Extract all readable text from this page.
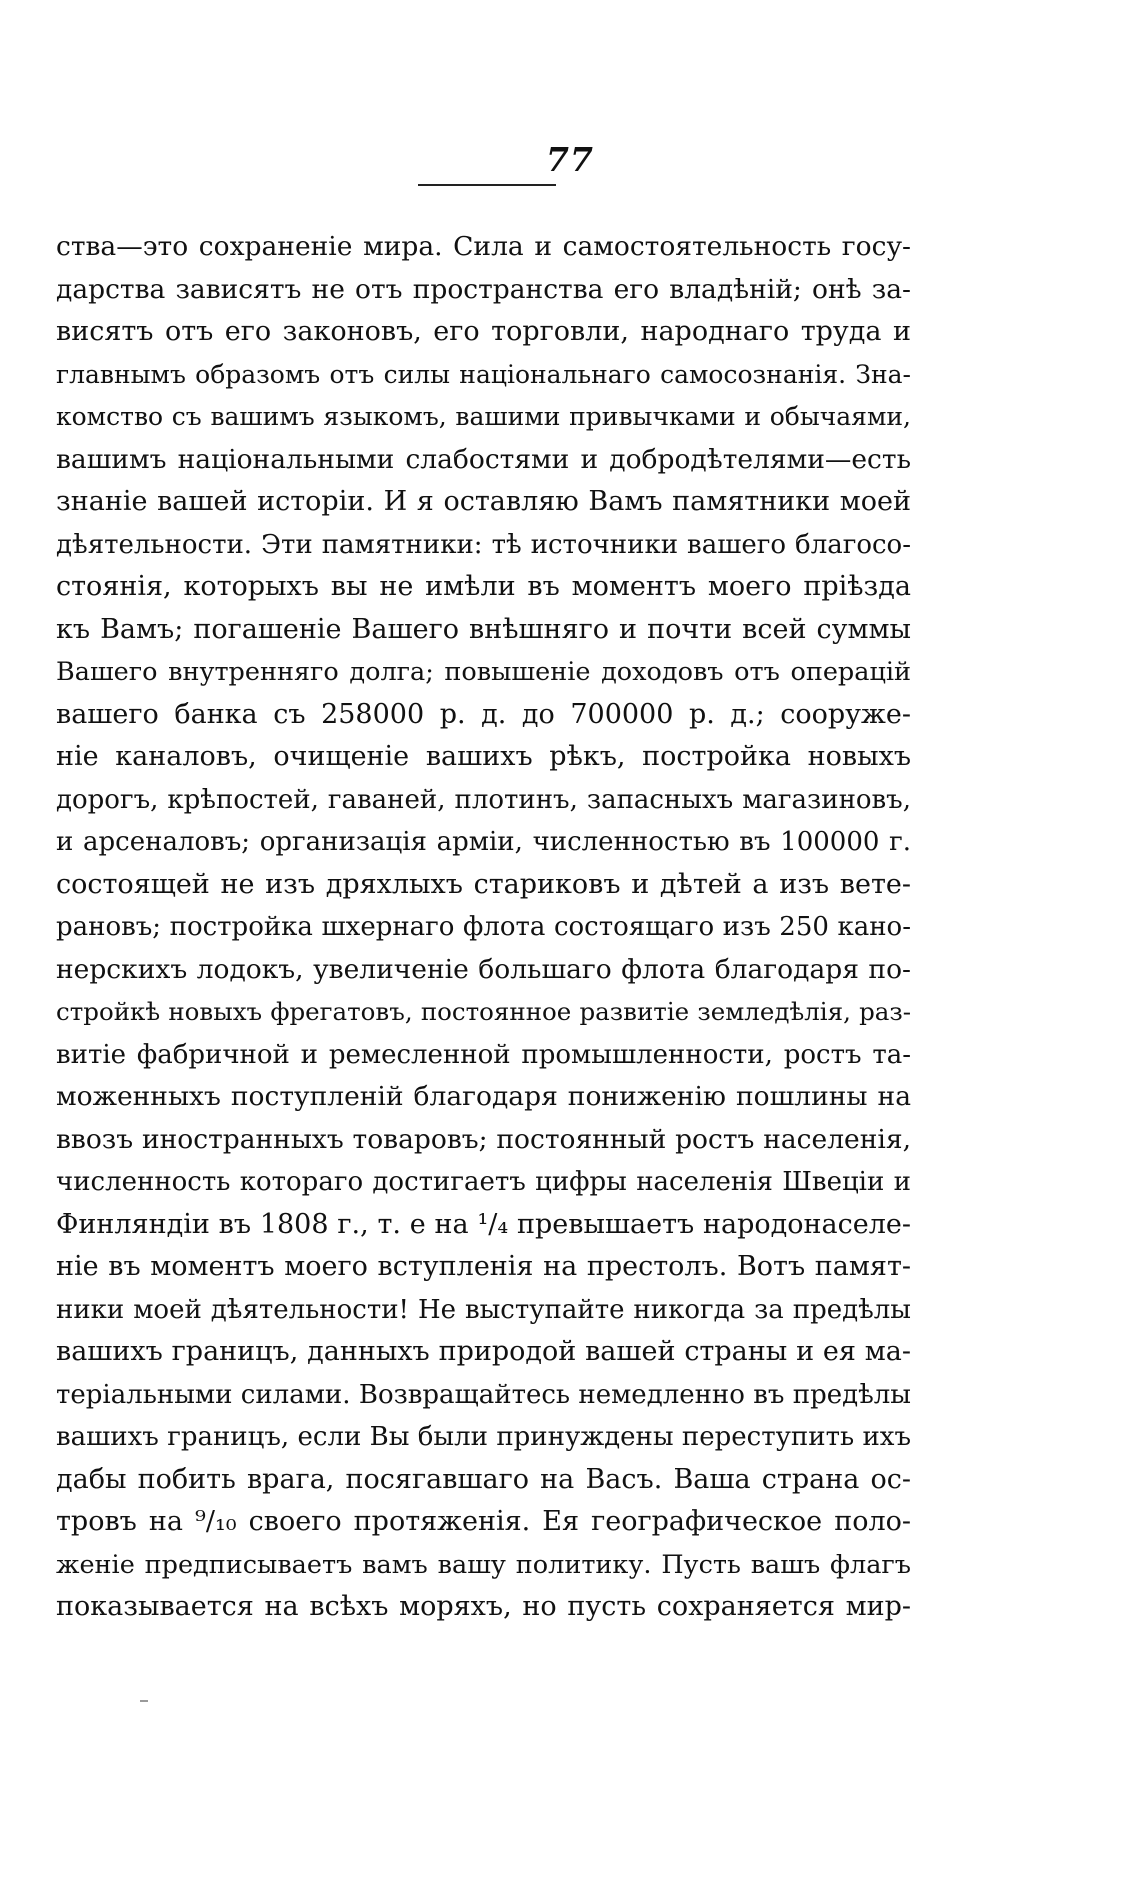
77
ства—это сохраненіе мира. Сила и самостоятельность госу-
дарства зависятъ не отъ пространства его владѣній; онѣ за-
висятъ отъ его законовъ, его торговли, народнаго труда и
главнымъ образомъ отъ силы національнаго самосознанія. Зна-
комство съ вашимъ языкомъ, вашими привычками и обычаями,
вашимъ національными слабостями и добродѣтелями—есть
знаніе вашей исторіи. И я оставляю Вамъ памятники моей
дѣятельности. Эти памятники: тѣ источники вашего благосо-
стоянія, которыхъ вы не имѣли въ моментъ моего пріѣзда
къ Вамъ; погашеніе Вашего внѣшняго и почти всей суммы
Вашего внутренняго долга; повышеніе доходовъ отъ операцій
вашего банка съ 258000 р. д. до 700000 р. д.; сооруже-
ніе каналовъ, очищеніе вашихъ рѣкъ, постройка новыхъ
дорогъ, крѣпостей, гаваней, плотинъ, запасныхъ магазиновъ,
и арсеналовъ; организація арміи, численностью въ 100000 г.
состоящей не изъ дряхлыхъ стариковъ и дѣтей а изъ вете-
рановъ; постройка шхернаго флота состоящаго изъ 250 канo-
нерскихъ лодокъ, увеличеніе большаго флота благодаря по-
стройкѣ новыхъ фрегатовъ, постоянное развитіе земледѣлія, раз-
витіе фабричной и ремесленной промышленности, ростъ та-
моженныхъ поступленій благодаря пониженію пошлины на
ввозъ иностранныхъ товаровъ; постоянный ростъ населенія,
численность котораго достигаетъ цифры населенія Швеціи и
Финляндіи въ 1808 г., т. е на ¹/₄ превышаетъ народонаселе-
ніе въ моментъ моего вступленія на престолъ. Вотъ памят-
ники моей дѣятельности! Не выступайте никогда за предѣлы
вашихъ границъ, данныхъ природой вашей страны и ея ма-
теріальными силами. Возвращайтесь немедленно въ предѣлы
вашихъ границъ, если Вы были принуждены переступить ихъ
дабы побить врага, посягавшаго на Васъ. Ваша страна ос-
тровъ на ⁹/₁₀ своего протяженія. Ея географическое поло-
женіе предписываетъ вамъ вашу политику. Пусть вашъ флагъ
показывается на всѣхъ моряхъ, но пусть сохраняется мир-
